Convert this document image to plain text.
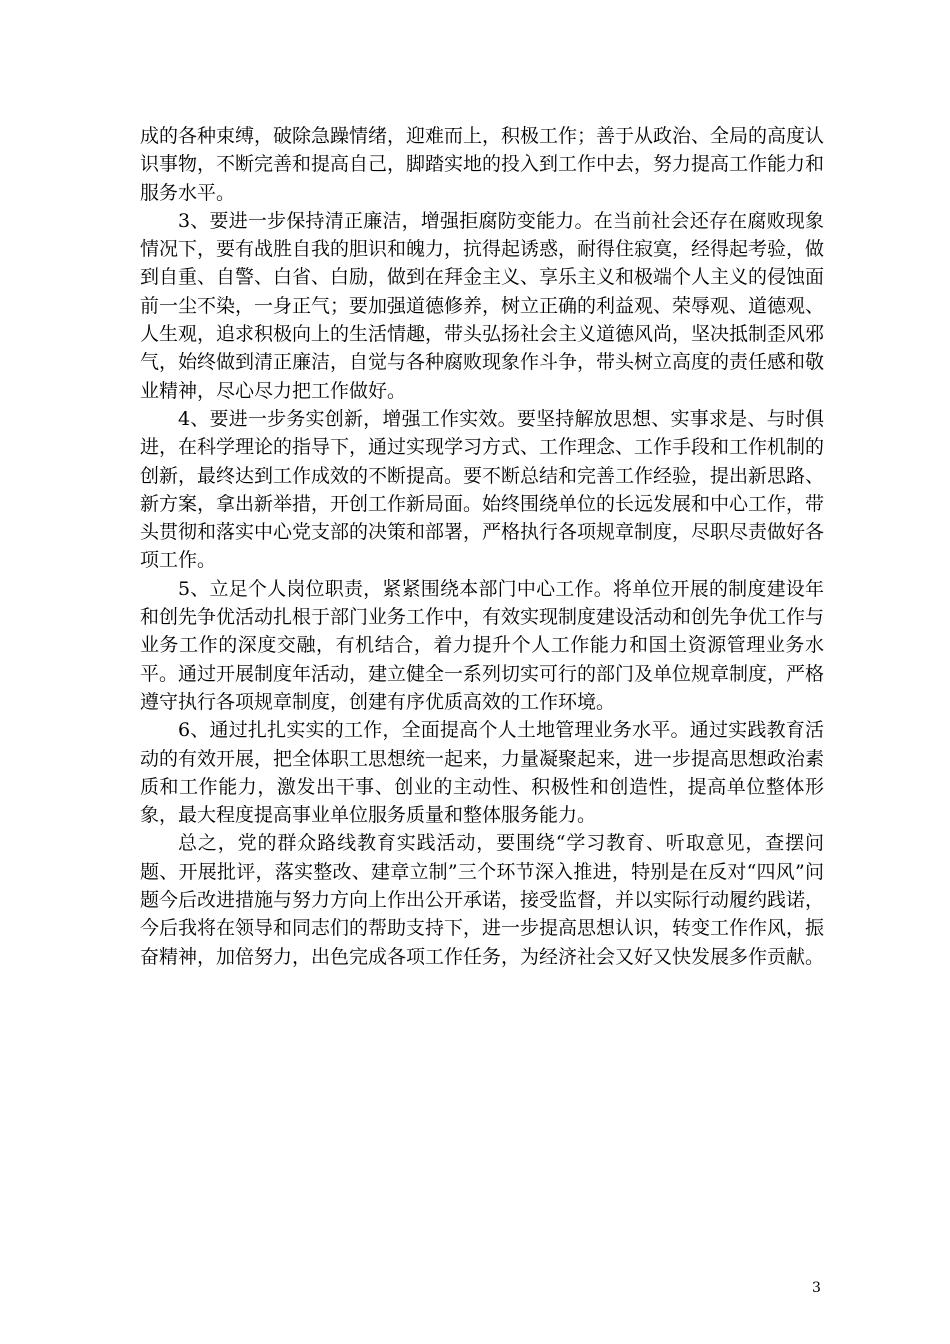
成的各种束缚，破除急躁情绪，迎难而上，积极工作；善于从政治、全局的高度认识事物，不断完善和提高自己，脚踏实地的投入到工作中去，努力提高工作能力和服务水平。

3、要进一步保持清正廉洁，增强拒腐防变能力。在当前社会还存在腐败现象情况下，要有战胜自我的胆识和魄力，抗得起诱惑，耐得住寂寞，经得起考验，做到自重、自警、白省、白励，做到在拜金主义、享乐主义和极端个人主义的侵蚀面前一尘不染，一身正气；要加强道德修养，树立正确的利益观、荣辱观、道德观、人生观，追求积极向上的生活情趣，带头弘扬社会主义道德风尚，坚决抵制歪风邪气，始终做到清正廉洁，自觉与各种腐败现象作斗争，带头树立高度的责任感和敬业精神，尽心尽力把工作做好。

4、要进一步务实创新，增强工作实效。要坚持解放思想、实事求是、与时俱进，在科学理论的指导下，通过实现学习方式、工作理念、工作手段和工作机制的创新，最终达到工作成效的不断提高。要不断总结和完善工作经验，提出新思路、新方案，拿出新举措，开创工作新局面。始终围绕单位的长远发展和中心工作，带头贯彻和落实中心党支部的决策和部署，严格执行各项规章制度，尽职尽责做好各项工作。

5、立足个人岗位职责，紧紧围绕本部门中心工作。将单位开展的制度建设年和创先争优活动扎根于部门业务工作中，有效实现制度建设活动和创先争优工作与业务工作的深度交融，有机结合，着力提升个人工作能力和国土资源管理业务水平。通过开展制度年活动，建立健全一系列切实可行的部门及单位规章制度，严格遵守执行各项规章制度，创建有序优质高效的工作环境。

6、通过扎扎实实的工作，全面提高个人土地管理业务水平。通过实践教育活动的有效开展，把全体职工思想统一起来，力量凝聚起来，进一步提高思想政治素质和工作能力，激发出干事、创业的主动性、积极性和创造性，提高单位整体形象，最大程度提高事业单位服务质量和整体服务能力。

总之，党的群众路线教育实践活动，要围绕“学习教育、听取意见，查摆问题、开展批评，落实整改、建章立制”三个环节深入推进，特别是在反对“四风”问题今后改进措施与努力方向上作出公开承诺，接受监督，并以实际行动履约践诺，今后我将在领导和同志们的帮助支持下，进一步提高思想认识，转变工作作风，振奋精神，加倍努力，出色完成各项工作任务，为经济社会又好又快发展多作贡献。

3
